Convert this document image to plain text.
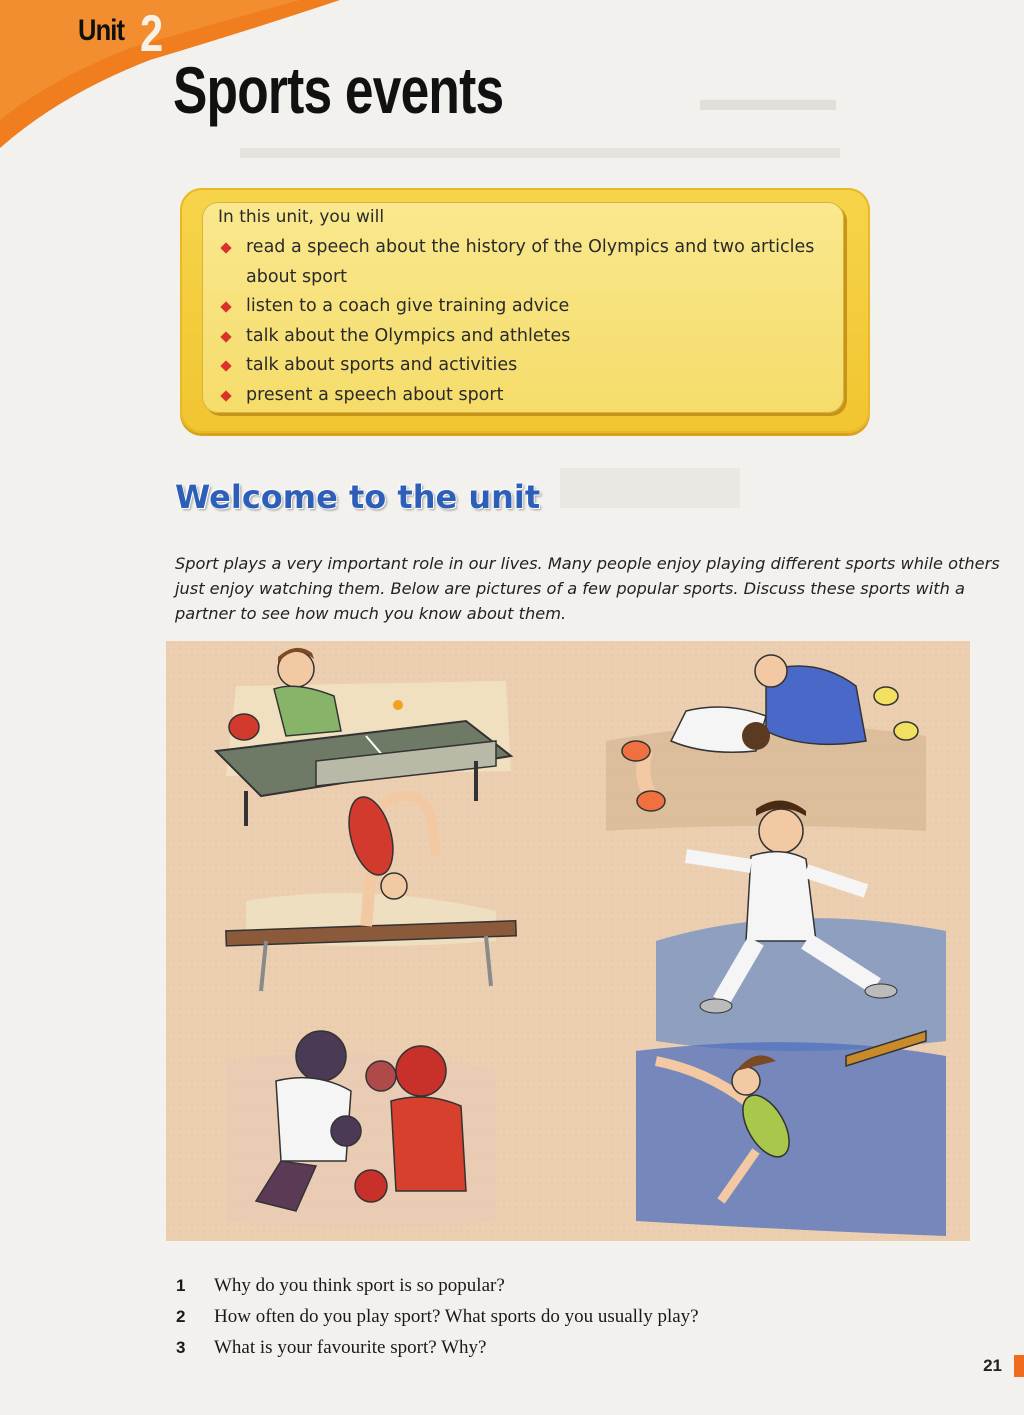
Unit 2
Sports events	▬▬▬▬
In this unit, you will
read a speech about the history of the Olympics and two articles about sport
listen to a coach give training advice
talk about the Olympics and athletes
talk about sports and activities
present a speech about sport
Welcome to the unit

Sport plays a very important role in our lives. Many people enjoy playing different sports while others just enjoy watching them. Below are pictures of a few popular sports. Discuss these sports with a partner to see how much you know about them.

1 Why do you think sport is so popular?
2 How often do you play sport? What sports do you usually play?
3 What is your favourite sport? Why?
21
